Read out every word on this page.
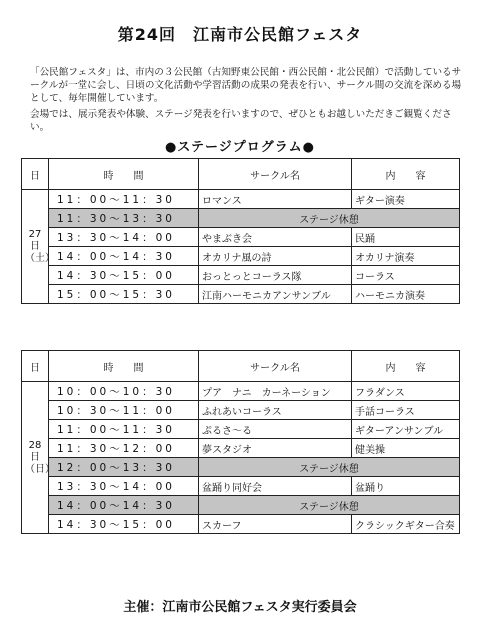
第24回　江南市公民館フェスタ

「公民館フェスタ」は、市内の３公民館（古知野東公民館・西公民館・北公民館）で活動しているサークルが一堂に会し、日頃の文化活動や学習活動の成果の発表を行い、サークル間の交流を深める場として、毎年開催しています。

会場では、展示発表や体験、ステージ発表を行いますので、ぜひともお越しいただきご観覧ください。

●ステージプログラム●
日	時　　間	サークル名	内　　容
27日（土）	11：00〜11：30	ロマンス	ギター演奏
	11：30〜13：30	ステージ休憩	
	13：30〜14：00	やまぶき会	民踊
	14：00〜14：30	オカリナ風の詩	オカリナ演奏
	14：30〜15：00	おっとっとコーラス隊	コーラス
	15：00〜15：30	江南ハーモニカアンサンブル	ハーモニカ演奏
日	時　　間	サークル名	内　　容
28日（日）	10：00〜10：30	プア　ナニ　カーネーション	フラダンス
	10：30〜11：00	ふれあいコーラス	手話コーラス
	11：00〜11：30	ぷるさ〜る	ギターアンサンブル
	11：30〜12：00	夢スタジオ	健美操
	12：00〜13：30	ステージ休憩	
	13：30〜14：00	盆踊り同好会	盆踊り
	14：00〜14：30	ステージ休憩	
	14：30〜15：00	スカーフ	クラシックギター合奏
主催：江南市公民館フェスタ実行委員会
